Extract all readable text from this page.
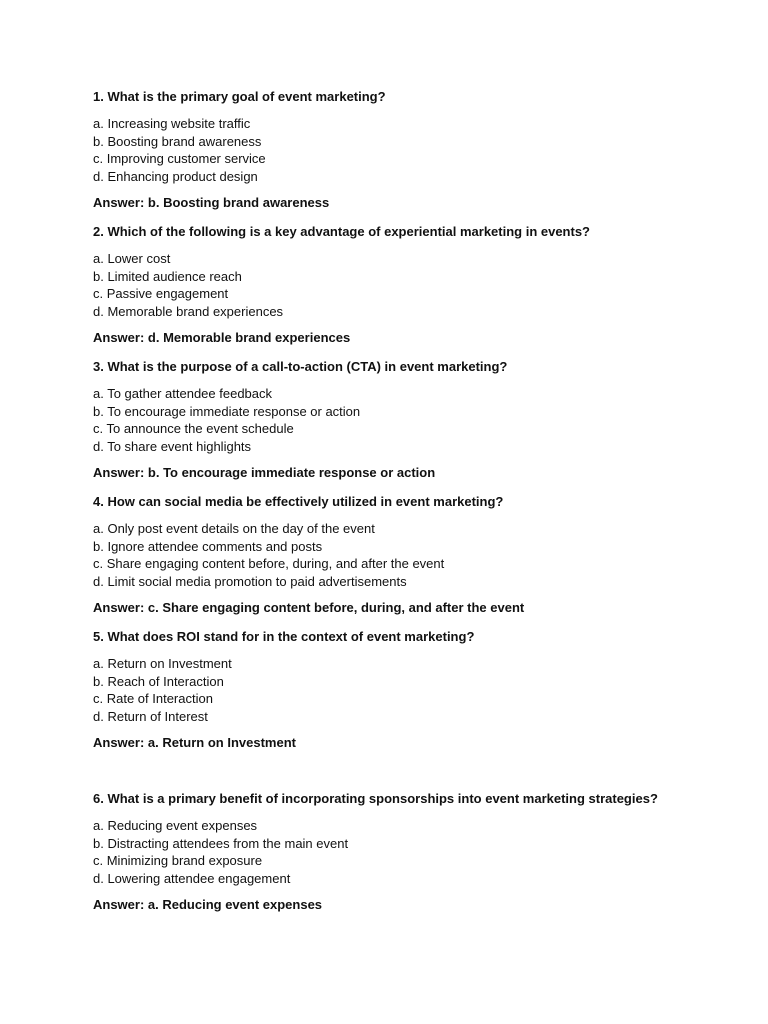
1. What is the primary goal of event marketing?

a. Increasing website traffic
b. Boosting brand awareness
c. Improving customer service
d. Enhancing product design

Answer: b. Boosting brand awareness

2. Which of the following is a key advantage of experiential marketing in events?

a. Lower cost
b. Limited audience reach
c. Passive engagement
d. Memorable brand experiences

Answer: d. Memorable brand experiences

3. What is the purpose of a call-to-action (CTA) in event marketing?

a. To gather attendee feedback
b. To encourage immediate response or action
c. To announce the event schedule
d. To share event highlights

Answer: b. To encourage immediate response or action

4. How can social media be effectively utilized in event marketing?

a. Only post event details on the day of the event
b. Ignore attendee comments and posts
c. Share engaging content before, during, and after the event
d. Limit social media promotion to paid advertisements

Answer: c. Share engaging content before, during, and after the event

5. What does ROI stand for in the context of event marketing?

a. Return on Investment
b. Reach of Interaction
c. Rate of Interaction
d. Return of Interest

Answer: a. Return on Investment

6. What is a primary benefit of incorporating sponsorships into event marketing strategies?

a. Reducing event expenses
b. Distracting attendees from the main event
c. Minimizing brand exposure
d. Lowering attendee engagement

Answer: a. Reducing event expenses
